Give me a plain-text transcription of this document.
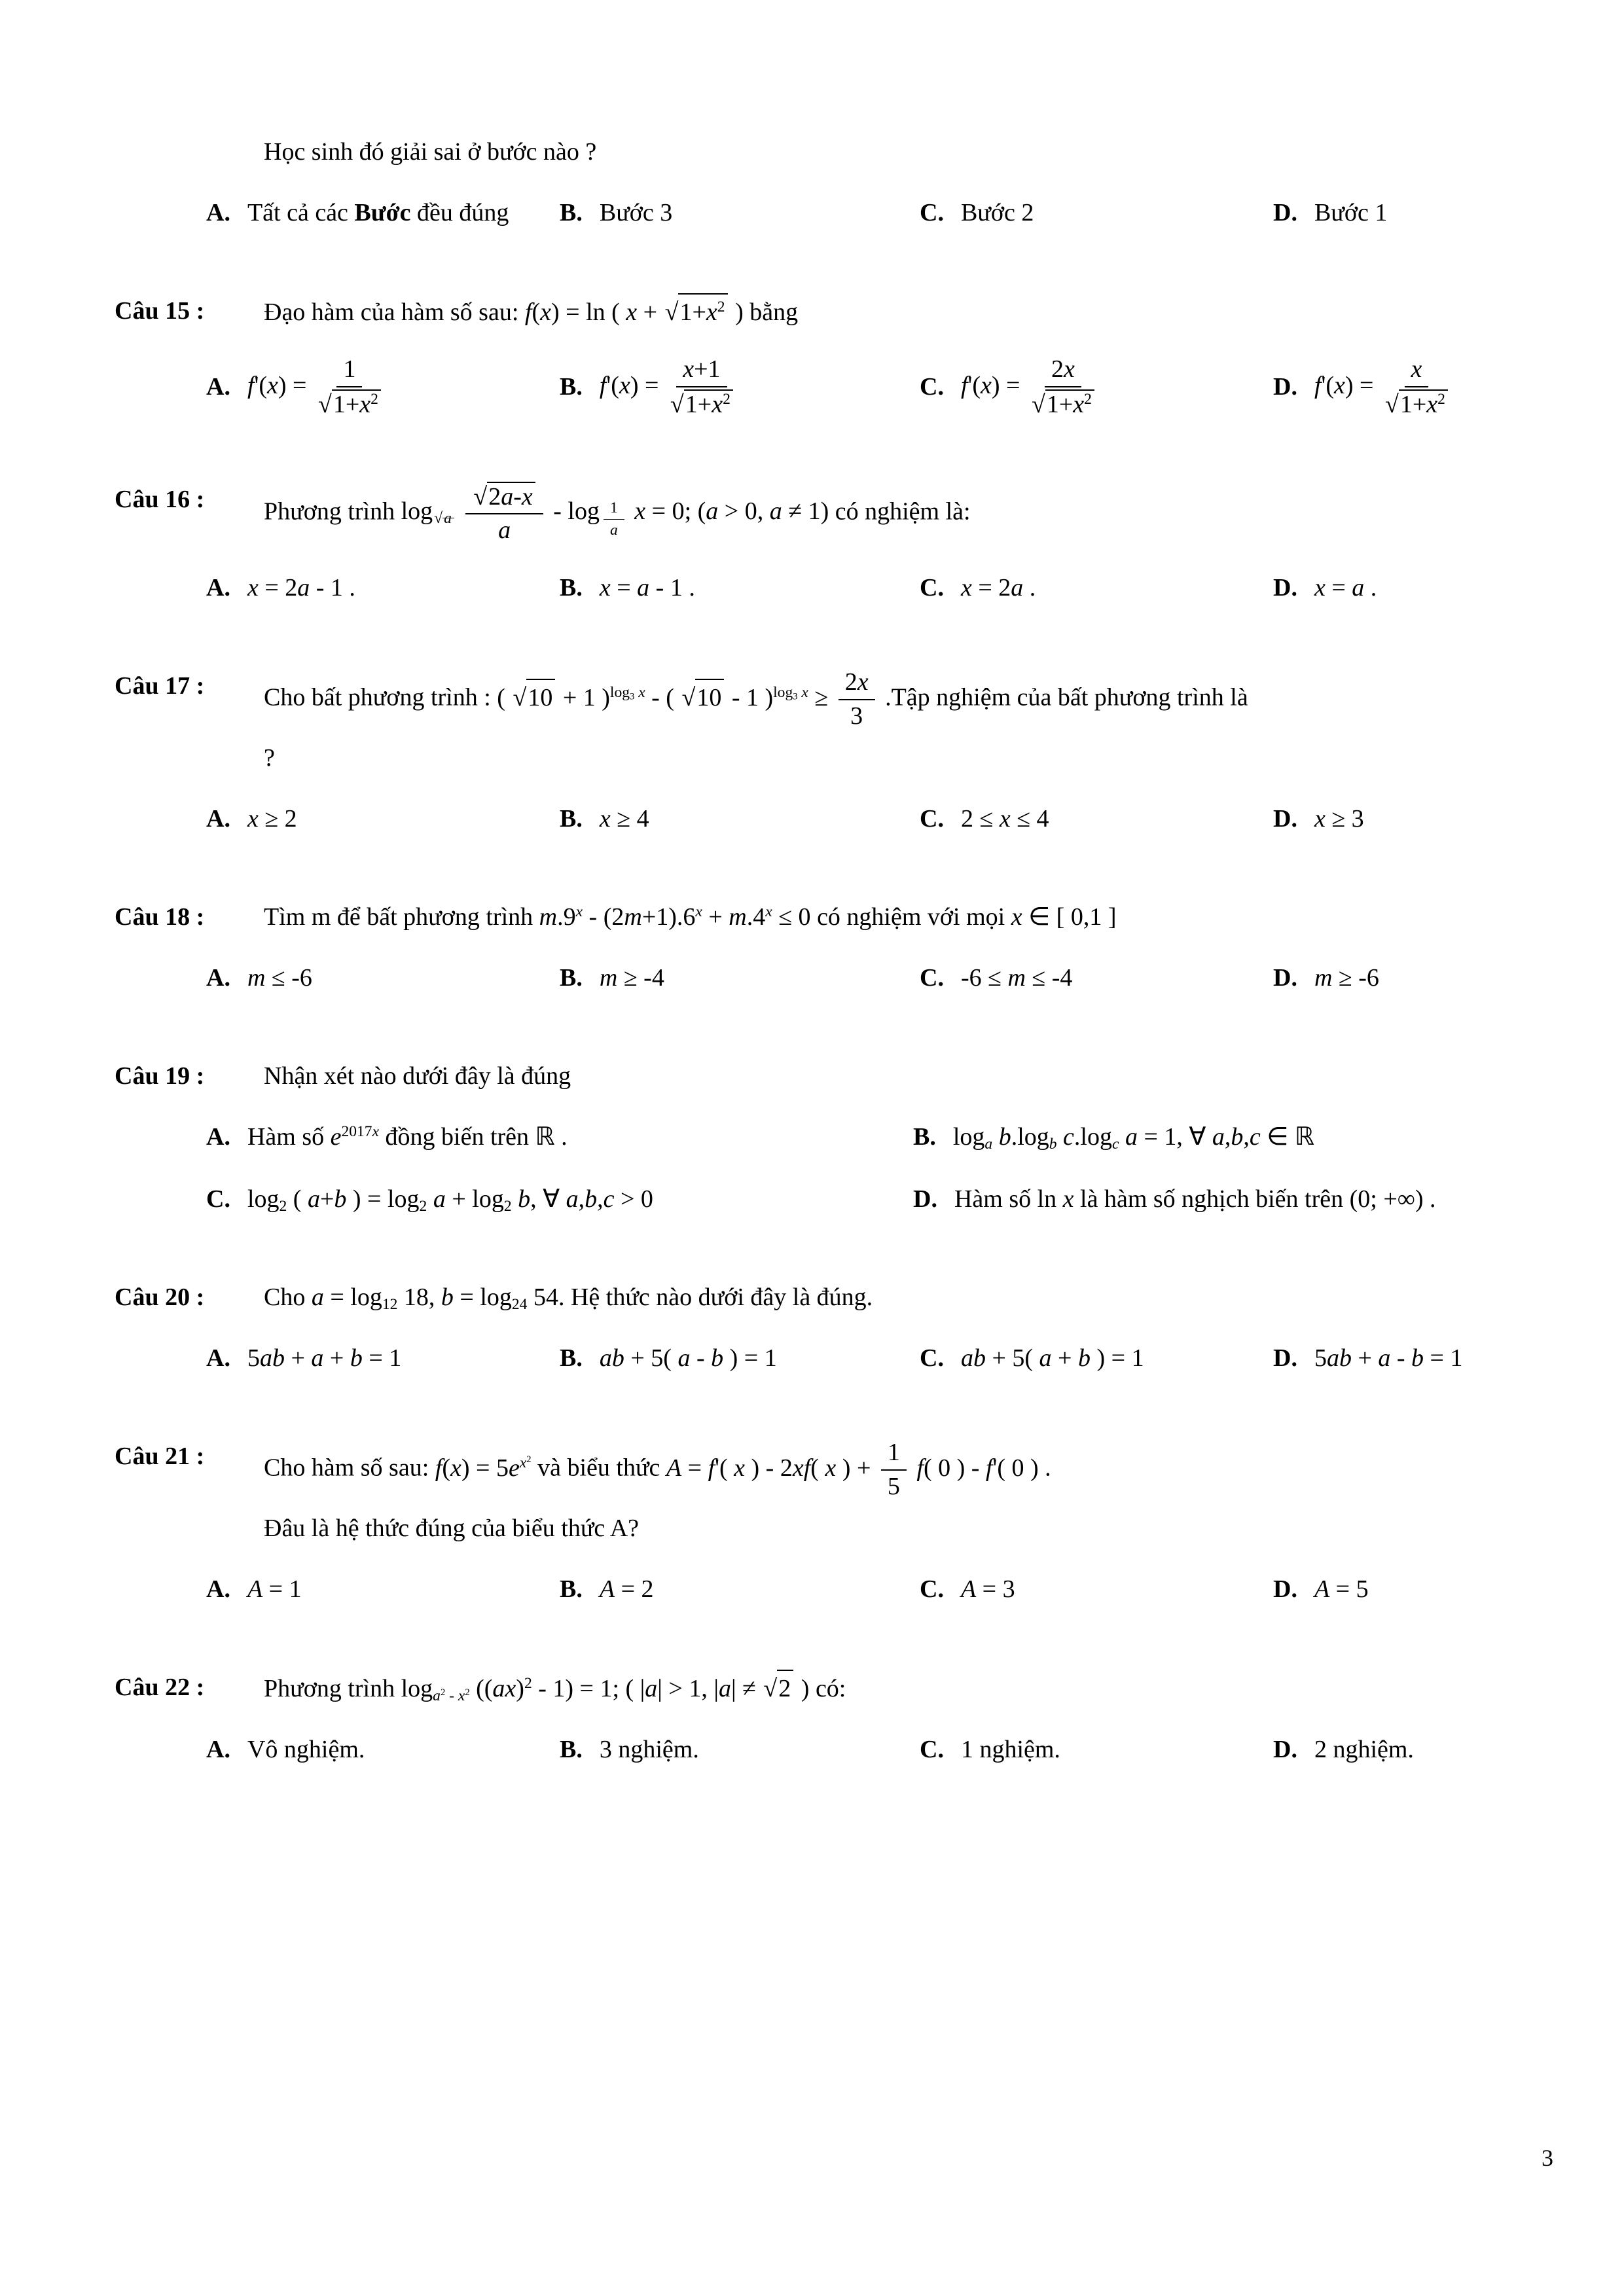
Học sinh đó giải sai ở bước nào ?
A. Tất cả các Bước đều đúng B. Bước 3	C. Bước 2	D. Bước 1
Câu 15 :	Đạo hàm của hàm số sau: f(x) = ln ( $x + √1+x^2$ ) bằng
A. $f'(x) = \frac{1}{√1+x^2}$	B. $f'(x) = \frac{x+1}{√1+x^2}$	C. $f'(x) = \frac{2x}{√1+x^2}$	D. $f'(x) = \frac{x}{√1+x^2}$
Câu 16 :	Phương trình $\log_{√a} \frac{√2a-x}{a}$ - log $_{\frac{1}{a}}$ x = 0; (a > 0, a ≠ 1) có nghiệm là:
A. x = 2a - 1 .	B. x = a - 1 .	C. x = 2a .	D. x = a .
Câu 17 :	Cho bất phương trình : ( √10 + 1 )$^{log_3 x}$ - ( √10 - 1 )$^{log_3 x} \ge \frac{2x}{3}$ .Tập nghiệm của bất phương trình là
?
A. x ≥ 2	B. x ≥ 4	C. 2 ≤ x ≤ 4	D. x ≥ 3
Câu 18 :	Tìm m để bất phương trình $m.9^x - (2m+1).6^x + m.4^x \le 0$ có nghiệm với mọi x ∈ [ 0,1 ]
A. m ≤ -6	B. m ≥ -4	C. -6 ≤ m ≤ -4	D. m ≥ -6
Câu 19 :	Nhận xét nào dưới đây là đúng
A. Hàm số $e^{2017x}$ đồng biến trên ℝ .	B. $\log_a b.\log_b$ $c.\log_c$ a = 1, ∀ a,b,c ∈ ℝ
C. $\log_2$ ( a+b ) = $\log_2 a + \log_2 b$, ∀ a,b,c > 0	D. Hàm số ln x là hàm số nghịch biến trên (0; +∞) .
Câu 20 :	Cho $a = \log_{12} 18$, $b = \log_{24} 54$. Hệ thức nào dưới đây là đúng.
A. 5ab + a + b = 1	B. ab + 5( a - b ) = 1	C. ab + 5( a + b ) = 1	D. 5ab + a - b = 1
Câu 21 :	Cho hàm số sau: $f(x) = 5e^{x^2}$ và biểu thức A = f'( x ) - 2xf( x ) + $\frac{1}{5} f$( 0 ) - f'( 0 ) .
Đâu là hệ thức đúng của biểu thức A?
A. A = 1	B. A = 2	C. A = 3	D. A = 5
Câu 22 :	Phương trình $\log_{a^2 - x^2} ((ax)^2 - 1) = 1$; ( |a| > 1, |a| ≠ √2 ) có:
A. Vô nghiệm.	B. 3 nghiệm.	C. 1 nghiệm.	D. 2 nghiệm.
3
